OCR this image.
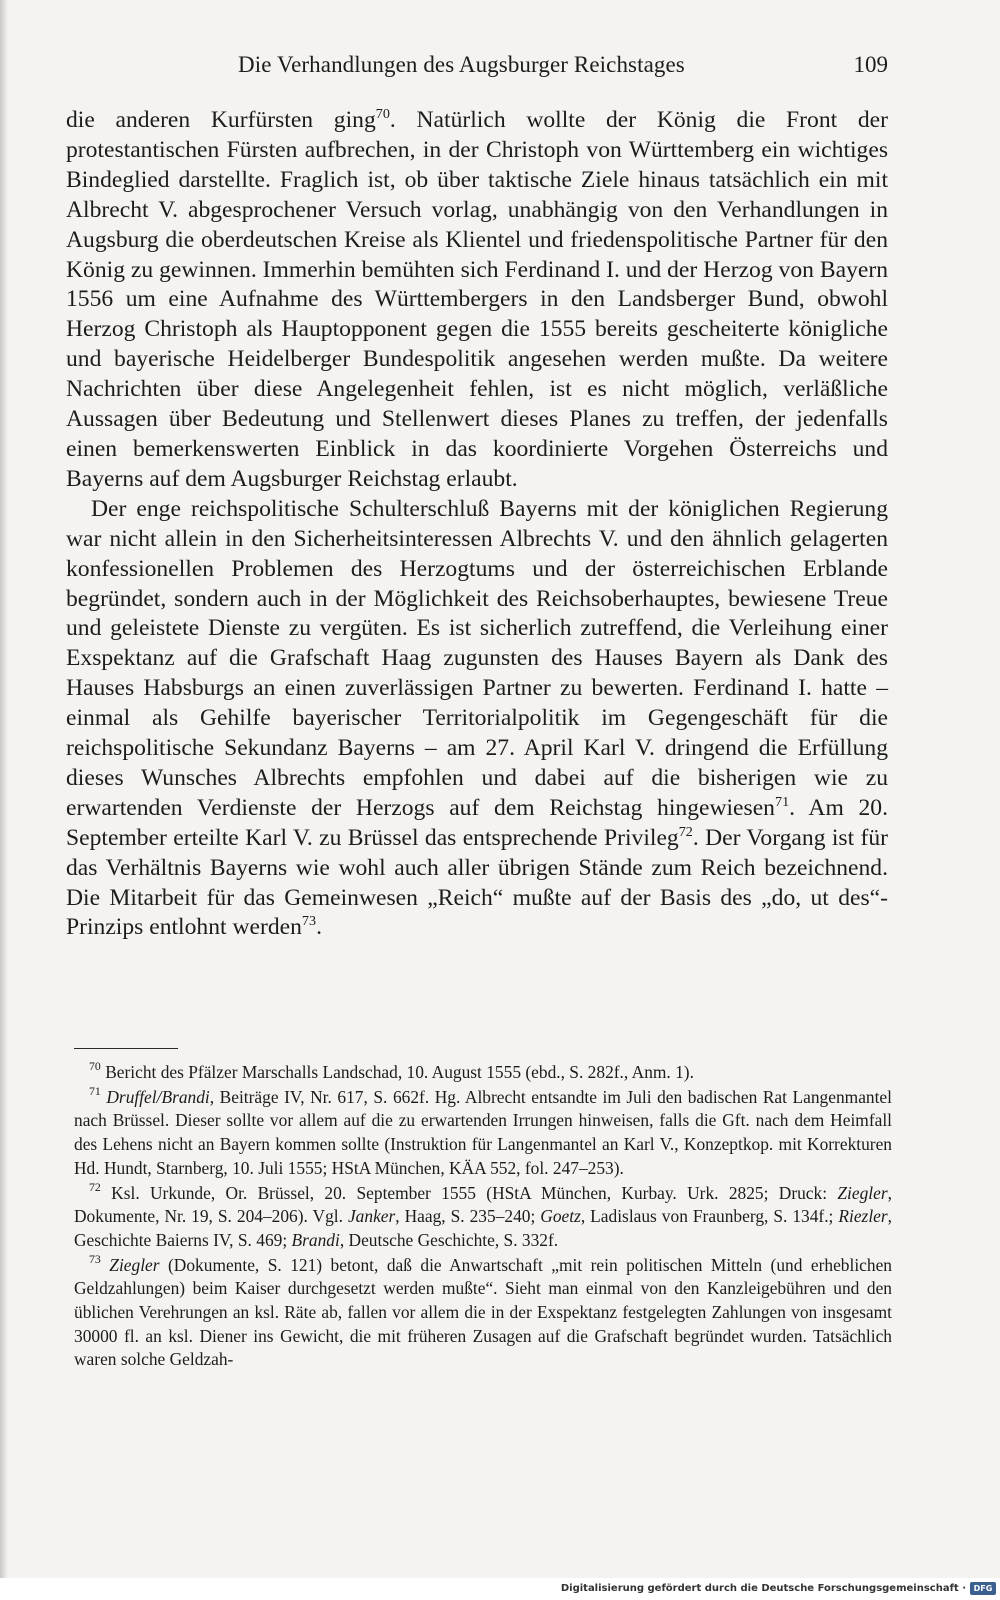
Die Verhandlungen des Augsburger Reichstages	109

die anderen Kurfürsten ging$^{70}$. Natürlich wollte der König die Front der protestantischen Fürsten aufbrechen, in der Christoph von Württemberg ein wichtiges Bindeglied darstellte. Fraglich ist, ob über taktische Ziele hinaus tatsächlich ein mit Albrecht V. abgesprochener Versuch vorlag, unabhängig von den Verhandlungen in Augsburg die oberdeutschen Kreise als Klientel und friedenspolitische Partner für den König zu gewinnen. Immerhin bemühten sich Ferdinand I. und der Herzog von Bayern 1556 um eine Aufnahme des Württembergers in den Landsberger Bund, obwohl Herzog Christoph als Hauptopponent gegen die 1555 bereits gescheiterte königliche und bayerische Heidelberger Bundespolitik angesehen werden mußte. Da weitere Nachrichten über diese Angelegenheit fehlen, ist es nicht möglich, verläßliche Aussagen über Bedeutung und Stellenwert dieses Planes zu treffen, der jedenfalls einen bemerkenswerten Einblick in das koordinierte Vorgehen Österreichs und Bayerns auf dem Augsburger Reichstag erlaubt.

Der enge reichspolitische Schulterschluß Bayerns mit der königlichen Regierung war nicht allein in den Sicherheitsinteressen Albrechts V. und den ähnlich gelagerten konfessionellen Problemen des Herzogtums und der österreichischen Erblande begründet, sondern auch in der Möglichkeit des Reichsoberhauptes, bewiesene Treue und geleistete Dienste zu vergüten. Es ist sicherlich zutreffend, die Verleihung einer Exspektanz auf die Grafschaft Haag zugunsten des Hauses Bayern als Dank des Hauses Habsburgs an einen zuverlässigen Partner zu bewerten. Ferdinand I. hatte – einmal als Gehilfe bayerischer Territorialpolitik im Gegengeschäft für die reichspolitische Sekundanz Bayerns – am 27. April Karl V. dringend die Erfüllung dieses Wunsches Albrechts empfohlen und dabei auf die bisherigen wie zu erwartenden Verdienste der Herzogs auf dem Reichstag hingewiesen$^{71}$. Am 20. September erteilte Karl V. zu Brüssel das entsprechende Privileg$^{72}$. Der Vorgang ist für das Verhältnis Bayerns wie wohl auch aller übrigen Stände zum Reich bezeichnend. Die Mitarbeit für das Gemeinwesen „Reich“ mußte auf der Basis des „do, ut des“-Prinzips entlohnt werden$^{73}$.

$^{70}$ Bericht des Pfälzer Marschalls Landschad, 10. August 1555 (ebd., S. 282f., Anm. 1).

$^{71}$ Druffel/Brandi, Beiträge IV, Nr. 617, S. 662f. Hg. Albrecht entsandte im Juli den badischen Rat Langenmantel nach Brüssel. Dieser sollte vor allem auf die zu erwartenden Irrungen hinweisen, falls die Gft. nach dem Heimfall des Lehens nicht an Bayern kommen sollte (Instruktion für Langenmantel an Karl V., Konzeptkop. mit Korrekturen Hd. Hundt, Starnberg, 10. Juli 1555; HStA München, KÄA 552, fol. 247–253).

$^{72}$ Ksl. Urkunde, Or. Brüssel, 20. September 1555 (HStA München, Kurbay. Urk. 2825; Druck: Ziegler, Dokumente, Nr. 19, S. 204–206). Vgl. Janker, Haag, S. 235–240; Goetz, Ladislaus von Fraunberg, S. 134f.; Riezler, Geschichte Baierns IV, S. 469; Brandi, Deutsche Geschichte, S. 332f.

$^{73}$ Ziegler (Dokumente, S. 121) betont, daß die Anwartschaft „mit rein politischen Mitteln (und erheblichen Geldzahlungen) beim Kaiser durchgesetzt werden mußte“. Sieht man einmal von den Kanzleigebühren und den üblichen Verehrungen an ksl. Räte ab, fallen vor allem die in der Exspektanz festgelegten Zahlungen von insgesamt 30000 fl. an ksl. Diener ins Gewicht, die mit früheren Zusagen auf die Grafschaft begründet wurden. Tatsächlich waren solche Geldzah-

Digitalisierung gefördert durch die Deutsche Forschungsgemeinschaft · DFG
